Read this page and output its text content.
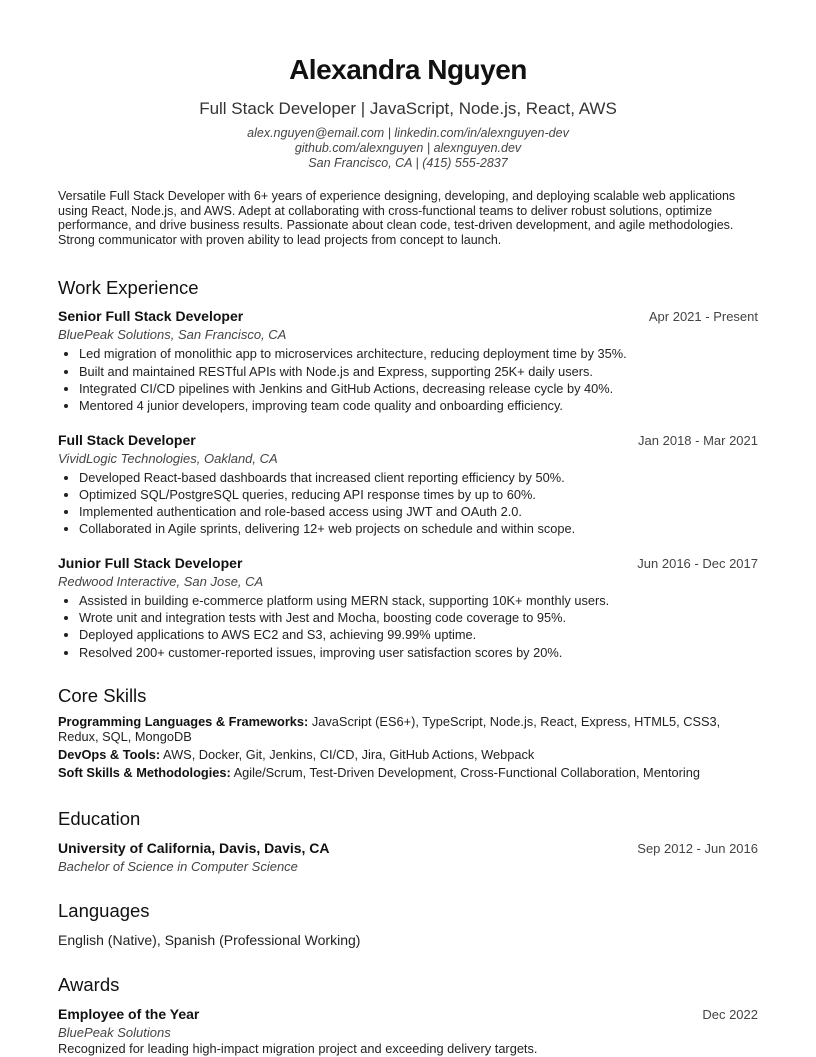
Alexandra Nguyen
Full Stack Developer | JavaScript, Node.js, React, AWS
alex.nguyen@email.com | linkedin.com/in/alexnguyen-dev
github.com/alexnguyen | alexnguyen.dev
San Francisco, CA | (415) 555-2837
Versatile Full Stack Developer with 6+ years of experience designing, developing, and deploying scalable web applications using React, Node.js, and AWS. Adept at collaborating with cross-functional teams to deliver robust solutions, optimize performance, and drive business results. Passionate about clean code, test-driven development, and agile methodologies. Strong communicator with proven ability to lead projects from concept to launch.
Work Experience
Senior Full Stack Developer	Apr 2021 - Present
BluePeak Solutions, San Francisco, CA
• Led migration of monolithic app to microservices architecture, reducing deployment time by 35%.
• Built and maintained RESTful APIs with Node.js and Express, supporting 25K+ daily users.
• Integrated CI/CD pipelines with Jenkins and GitHub Actions, decreasing release cycle by 40%.
• Mentored 4 junior developers, improving team code quality and onboarding efficiency.
Full Stack Developer	Jan 2018 - Mar 2021
VividLogic Technologies, Oakland, CA
• Developed React-based dashboards that increased client reporting efficiency by 50%.
• Optimized SQL/PostgreSQL queries, reducing API response times by up to 60%.
• Implemented authentication and role-based access using JWT and OAuth 2.0.
• Collaborated in Agile sprints, delivering 12+ web projects on schedule and within scope.
Junior Full Stack Developer	Jun 2016 - Dec 2017
Redwood Interactive, San Jose, CA
• Assisted in building e-commerce platform using MERN stack, supporting 10K+ monthly users.
• Wrote unit and integration tests with Jest and Mocha, boosting code coverage to 95%.
• Deployed applications to AWS EC2 and S3, achieving 99.99% uptime.
• Resolved 200+ customer-reported issues, improving user satisfaction scores by 20%.
Core Skills
Programming Languages & Frameworks: JavaScript (ES6+), TypeScript, Node.js, React, Express, HTML5, CSS3, Redux, SQL, MongoDB
DevOps & Tools: AWS, Docker, Git, Jenkins, CI/CD, Jira, GitHub Actions, Webpack
Soft Skills & Methodologies: Agile/Scrum, Test-Driven Development, Cross-Functional Collaboration, Mentoring
Education
University of California, Davis, Davis, CA	Sep 2012 - Jun 2016
Bachelor of Science in Computer Science
Languages
English (Native), Spanish (Professional Working)
Awards
Employee of the Year	Dec 2022
BluePeak Solutions
Recognized for leading high-impact migration project and exceeding delivery targets.
